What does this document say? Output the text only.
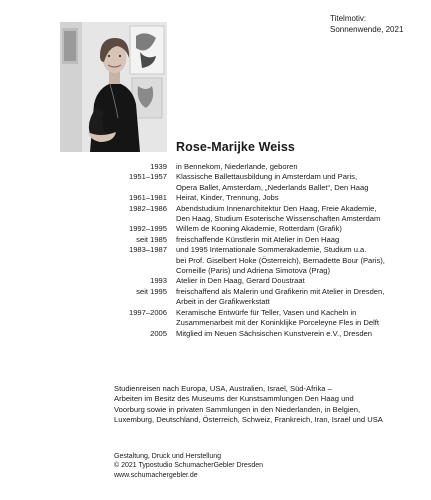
Titelmotiv:
Sonnenwende, 2021
Rose-Marijke Weiss
1939 in Bennekom, Niederlande, geboren
1951–1957 Klassische Ballettausbildung in Amsterdam und Paris,
Opera Ballet, Amsterdam, „Nederlands Ballet“, Den Haag
1961–1981 Heirat, Kinder, Trennung, Jobs
1982–1986 Abendstudium Innenarchitektur Den Haag, Freie Akademie,
Den Haag, Studium Esoterische Wissenschaften Amsterdam
1992–1995 Willem de Kooning Akademie, Rotterdam (Grafik)
seit 1985 freischaffende Künstlerin mit Atelier in Den Haag
1983–1987 und 1995 Internationale Sommerakademie, Studium u.a.
bei Prof. Giselbert Hoke (Österreich), Bernadette Bour (Paris),
Corneille (Paris) und Adriena Simotova (Prag)
1993 Atelier in Den Haag, Gerard Doustraat
seit 1995 freischaffend als Malerin und Grafikerin mit Atelier in Dresden,
Arbeit in der Grafikwerkstatt
1997–2006 Keramische Entwürfe für Teller, Vasen und Kacheln in
Zusammenarbeit mit der Koninklijke Porceleyne Fles in Delft
2005 Mitglied im Neuen Sächsischen Kunstverein e.V., Dresden
Studienreisen nach Europa, USA, Australien, Israel, Süd-Afrika –
Arbeiten im Besitz des Museums der Kunstsammlungen Den Haag und
Voorburg sowie in privaten Sammlungen in den Niederlanden, in Belgien,
Luxemburg, Deutschland, Österreich, Schweiz, Frankreich, Iran, Israel und USA
Gestaltung, Druck und Herstellung
© 2021 Typostudio SchumacherGebler Dresden
www.schumachergebler.de
